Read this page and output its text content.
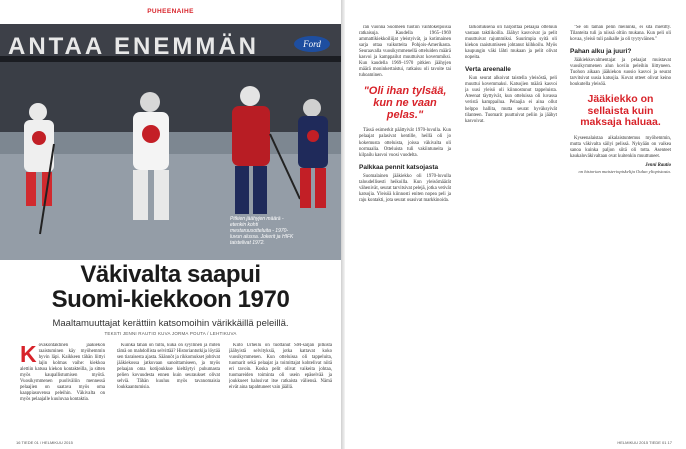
PUHEENAIHE
ANTAA ENEMMÄN	Ford
Pitkien jäähyjen määrä - etenkin kohti mestaruusotteluita - 1970-luvun alussa. Jokerit ja HIFK taistelivat 1972.
Väkivalta saapui
Suomi-kiekkoon 1970
Maaltamuuttajat kerättiin katsomoihin värikkäillä peleillä.
TEKSTI JENNI RAUTIO KUVA JORMA POUTA / LEHTIKUVA
Kovakontaktinen jääkiekon raaistuminen käy myöhemmin hyvin läpi. Kaikkeen tähän liittyi lajin kolmas vaihe: kiekkoa alettiin katsoa kiekon kontakteilla, ja sitten myös kaupallistumisen myötä. Vuosikymmenen puoliväliin mennessä pelaajien on saatava myös oma kaappiasuvensa peleihin. Väkivalta on myös pelaajalle kuuluvaa kontaktia.

Kuinka tähän on tultu, kuka on syyllinen ja miten tämä on mahdollista selvittää? Historiantutkija löytää sen tiaraisesta ajasta. Säännöt ja rikkomukset johtivat jääkiekossa jatkuvaan sanoittamiseen, ja myös pelaajan oma kotijoukkue kieltäytyi puhumasta pelien kovuudesta ennen kuin seuraukset olivat selviä. Tähän kuuluu myös tavanomaisia loukkaantumisia.

Kiito Urheilu on tuottanut SM-sarjan pitkistä jäähyistä selvityksiä, jotka kattavat koko vuosikymmenen. Kun otteluissa oli tappeluita, tuomarit sekä pelaajat ja toimittajat kohtelivat niitä eri tavoin. Koska pelit olivat vaikeita johtaa, tuomareiden toiminta oli usein epäselvää ja joukkueet halusivat itse ratkaista väliensä. Nämä eivät aina tapahtuneet vain jäällä.

16 TIEDE 01 / HELMIKUU 2015

ran vuonna Suomeen tuotiin vaihtokelpoisia ratkaisuja. Kaudella 1965–1969 ammattikiekkoiliijat yleistyivät, ja kotimainen sarja ottaa vaikutteita Pohjois-Amerikasta. Seuraavalla vuosikymmenellä otteluiden määrä kasvoi ja kamppailut muuttuivat kovemmiksi. Kun kaudella 1969–1970 pitkien jäähyjen määrä moninkertaistui, ratkaisu oli tavoite tai tuhoaminen.

"Oli ihan tylsää, kun ne vaan pelas."

Tässä esimerkit päättyivät 1970-luvulla. Kun pelaajat palasivat kentille, heillä oli jo kokemusta otteluista, joissa väkivalta oli normaalia. Otteluista tuli vakiintuneita ja kilpailu kasvoi vuosi vuodelta.

Palkkaa pennit katsojasta

Suomalainen jääkiekko oli 1970-luvulla taloudellisesti heikoilla. Kun yleisömäärät vähenivät, seurat tarvitsivat pelejä, jotka vetivät katsojia. Yleisöä kiinnosti eniten nopea peli ja raju kontakti, jota seurat osasivat markkinoida.

tarkoituksena oli harjoittaa pelaajia otteluun vastaan taktiikoilla. Jäähyt kasvoivat ja pelit muuttuivat rajummiksi. Suurimpia syitä oli kiekon raaistumiseen johtanut kiihkoilu. Myös kaupungin väki lähti mukaan ja pelit olivat nopeita.

Verta areenalle

Kun seurat alkoivat taistella yleisöstä, peli muuttui kovemmaksi. Katsojien määrä kasvoi ja uusi yleisö oli kiinnostunut tappeluista. Areenat täyttyivät, kun otteluissa oli luvassa veristä kamppailua. Pelaajia ei aina ollut helppo hallita, mutta seurat hyväksyivät tilanteen. Tuomarit puuttuivat peliin ja jäähyt kasvoivat.

"Se oli tämän pelin meininki, ei sitä mietitty. Tilanteita tuli ja niissä oltiin mukana. Kun peli oli kovaa, yleisö tuli paikalle ja oli tyytyväinen."

Pahan alku ja juuri?

Jääkiekkovalmentajat ja pelaajat muistavat vuosikymmenen alun koviin peleihin liittyneen. Tuohon aikaan jääkiekon suosio kasvoi ja seurat tarvitsivat uusia katsojia. Kovat otteet olivat keino houkutella yleisöä.

Jääkiekko on sellaista kuin maksaja haluaa.

Kyseenalaistaa aikalaistuntemus myöhemmin, mutta väkivalta säilyi pelissä. Nykyään on vaikea sanoa kuinka paljon siitä oli totta. Asenteet kaukaloväkivaltaan ovat kuitenkin muuttuneet.

Jenni Rautio
on historian maisteriopiskelija Oulun yliopistosta.
HELMIKUU 2015 TIEDE 01 17
